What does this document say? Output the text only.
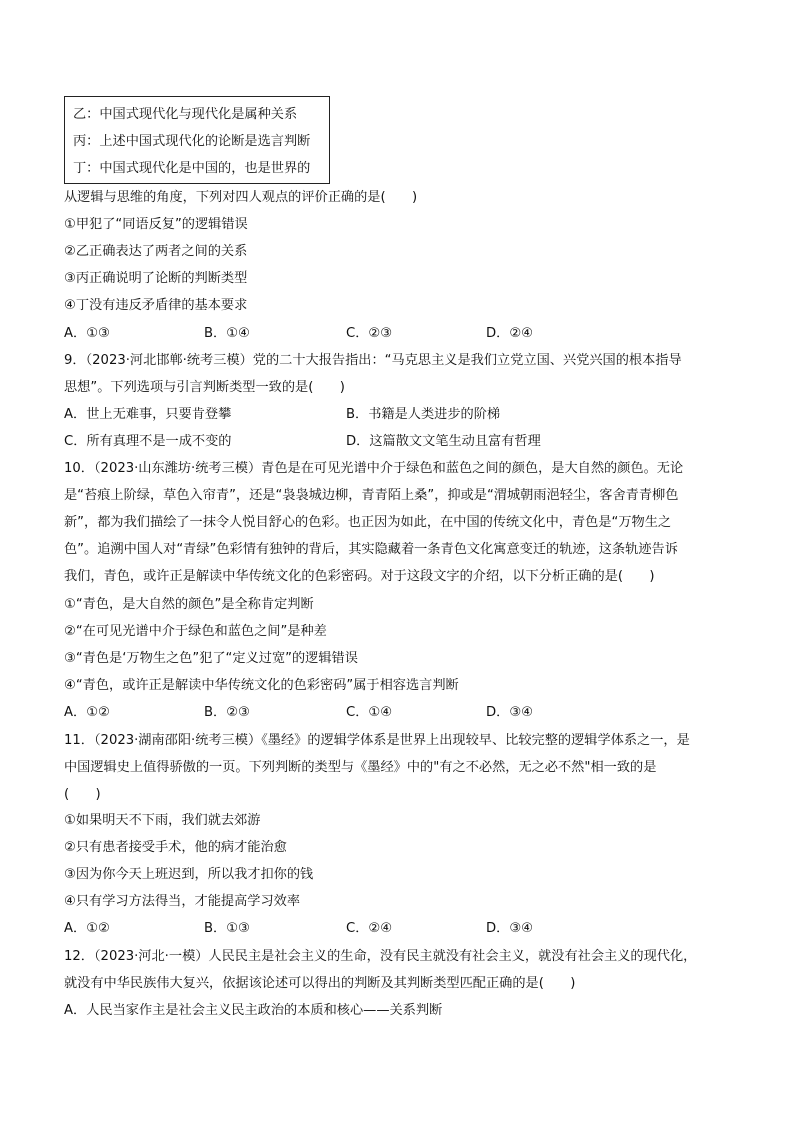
乙：中国式现代化与现代化是属种关系
丙：上述中国式现代化的论断是选言判断
丁：中国式现代化是中国的，也是世界的
从逻辑与思维的角度，下列对四人观点的评价正确的是(　　)
①甲犯了“同语反复”的逻辑错误
②乙正确表达了两者之间的关系
③丙正确说明了论断的判断类型
④丁没有违反矛盾律的基本要求
A．①③	B．①④	C．②③	D．②④
9．（2023·河北邯郸·统考三模）党的二十大报告指出：“马克思主义是我们立党立国、兴党兴国的根本指导
思想”。下列选项与引言判断类型一致的是(　　)
A．世上无难事，只要肯登攀	B．书籍是人类进步的阶梯
C．所有真理不是一成不变的	D．这篇散文文笔生动且富有哲理
10．（2023·山东潍坊·统考三模）青色是在可见光谱中介于绿色和蓝色之间的颜色，是大自然的颜色。无论
是“苔痕上阶绿，草色入帘青”，还是“袅袅城边柳，青青陌上桑”，抑或是“渭城朝雨浥轻尘，客舍青青柳色
新”，都为我们描绘了一抹令人悦目舒心的色彩。也正因为如此，在中国的传统文化中，青色是“万物生之
色”。追溯中国人对“青绿”色彩情有独钟的背后，其实隐藏着一条青色文化寓意变迁的轨迹，这条轨迹告诉
我们，青色，或许正是解读中华传统文化的色彩密码。对于这段文字的介绍，以下分析正确的是(　　)
①“青色，是大自然的颜色”是全称肯定判断
②“在可见光谱中介于绿色和蓝色之间”是种差
③“青色是‘万物生之色”犯了“定义过宽”的逻辑错误
④“青色，或许正是解读中华传统文化的色彩密码”属于相容选言判断
A．①②	B．②③	C．①④	D．③④
11．（2023·湖南邵阳·统考三模）《墨经》的逻辑学体系是世界上出现较早、比较完整的逻辑学体系之一，是
中国逻辑史上值得骄傲的一页。下列判断的类型与《墨经》中的"有之不必然，无之必不然"相一致的是
(　　)
①如果明天不下雨，我们就去郊游
②只有患者接受手术，他的病才能治愈
③因为你今天上班迟到，所以我才扣你的钱
④只有学习方法得当，才能提高学习效率
A．①②	B．①③	C．②④	D．③④
12．（2023·河北·一模）人民民主是社会主义的生命，没有民主就没有社会主义，就没有社会主义的现代化，
就没有中华民族伟大复兴，依据该论述可以得出的判断及其判断类型匹配正确的是(　　)
A．人民当家作主是社会主义民主政治的本质和核心——关系判断
